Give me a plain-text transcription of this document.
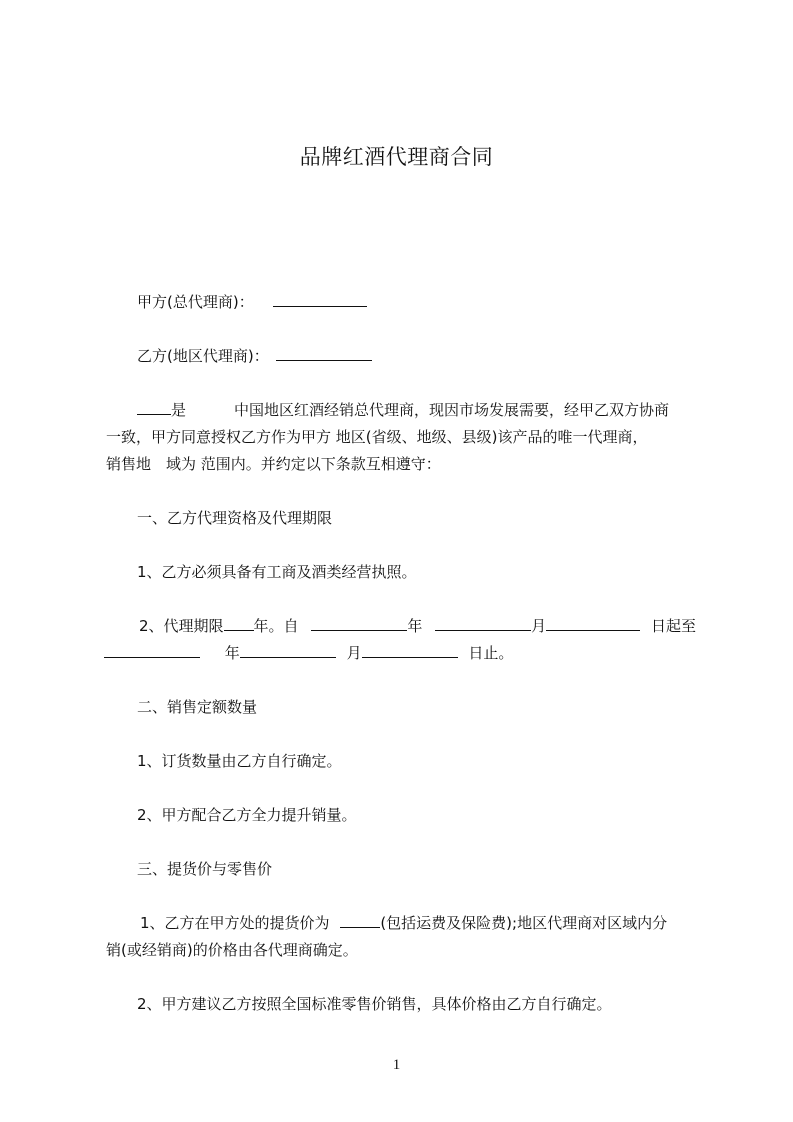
品牌红酒代理商合同
甲方(总代理商)：
乙方(地区代理商)：
是	中国地区红酒经销总代理商，现因市场发展需要，经甲乙双方协商
一致，甲方同意授权乙方作为甲方 地区(省级、地级、县级)该产品的唯一代理商，
销售地　域为 范围内。并约定以下条款互相遵守：
一、乙方代理资格及代理期限
1、乙方必须具备有工商及酒类经营执照。
2、代理期限 年。自	年	月	日起至
年	月	日止。
二、销售定额数量
1、订货数量由乙方自行确定。
2、甲方配合乙方全力提升销量。
三、提货价与零售价
1、乙方在甲方处的提货价为	(包括运费及保险费);地区代理商对区域内分
销(或经销商)的价格由各代理商确定。
2、甲方建议乙方按照全国标准零售价销售，具体价格由乙方自行确定。
1
